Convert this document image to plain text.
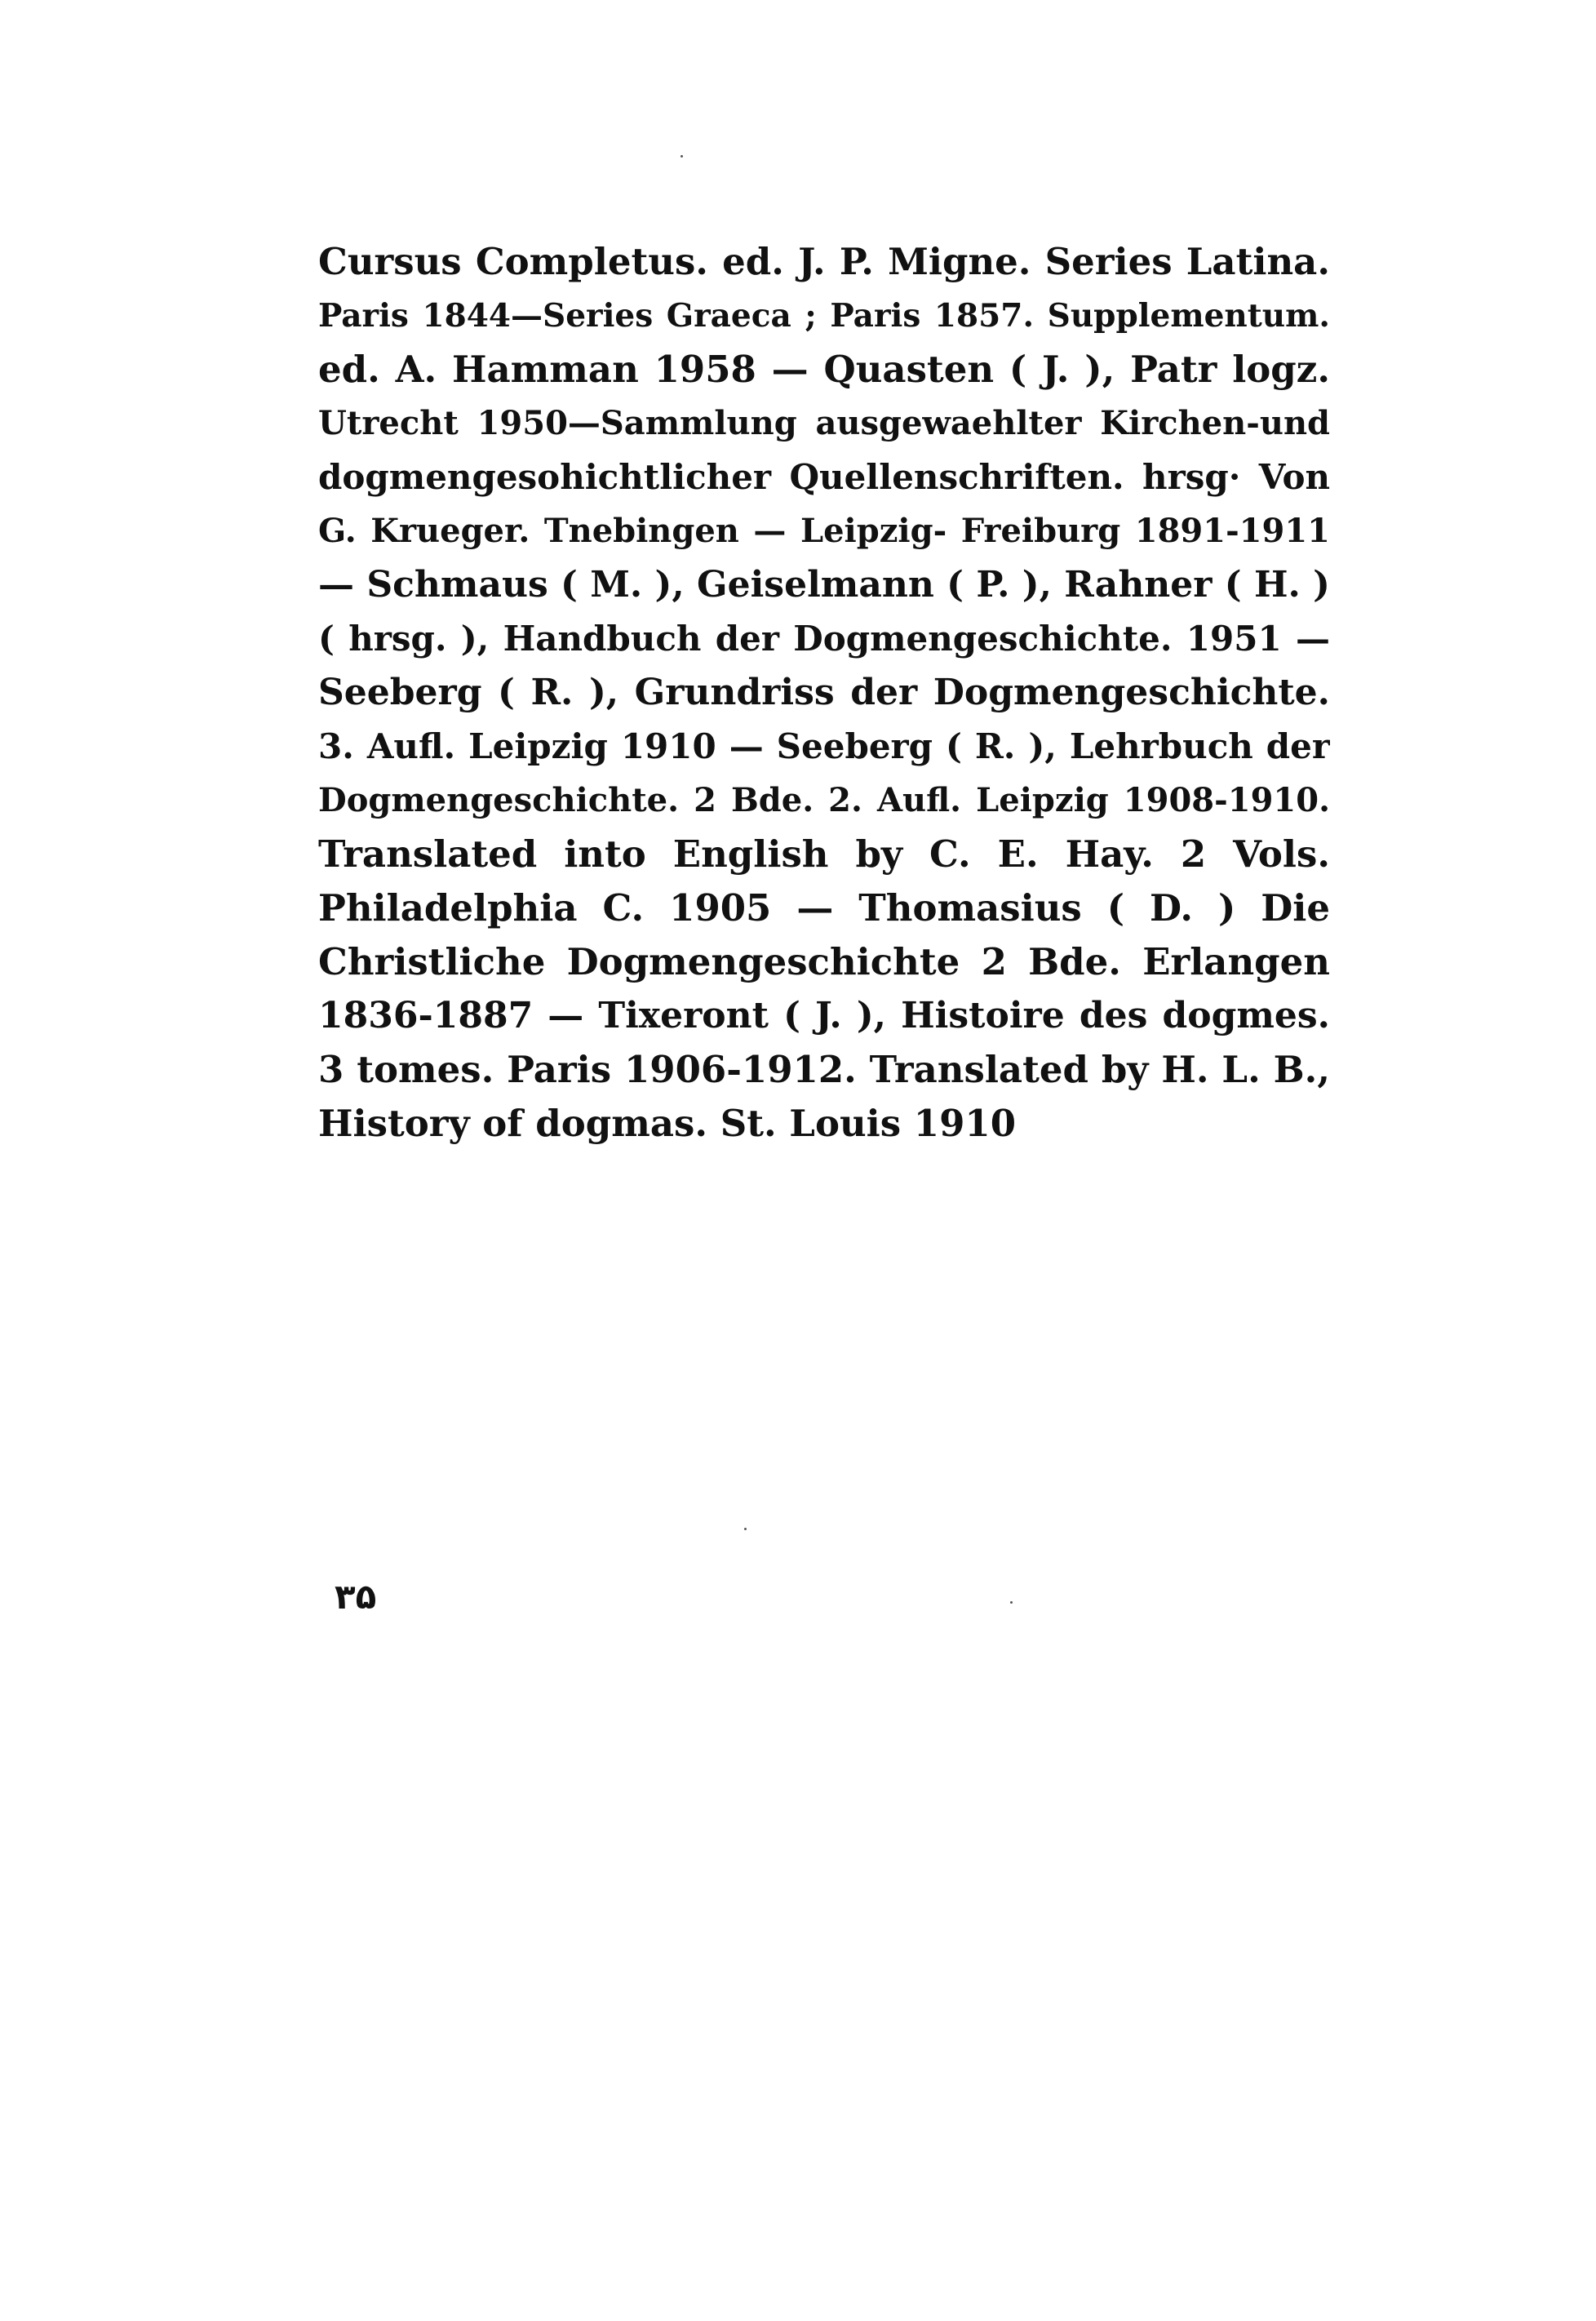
Cursus Completus. ed. J. P. Migne. Series Latina.
Paris 1844—Series Graeca ; Paris 1857. Supplementum.
ed. A. Hamman 1958 — Quasten ( J. ), Patr logz.
Utrecht 1950—Sammlung ausgewaehlter Kirchen-und
dogmengesohichtlicher Quellenschriften. hrsg· Von
G. Krueger. Tnebingen — Leipzig- Freiburg 1891-1911
— Schmaus ( M. ), Geiselmann ( P. ), Rahner ( H. )
( hrsg. ), Handbuch der Dogmengeschichte. 1951 —
Seeberg ( R. ), Grundriss der Dogmengeschichte.
3. Aufl. Leipzig 1910 — Seeberg ( R. ), Lehrbuch der
Dogmengeschichte. 2 Bde. 2. Aufl. Leipzig 1908-1910.
Translated into English by C. E. Hay. 2 Vols.
Philadelphia C. 1905 — Thomasius ( D. ) Die
Christliche Dogmengeschichte 2 Bde. Erlangen
1836-1887 — Tixeront ( J. ), Histoire des dogmes.
3 tomes. Paris 1906-1912. Translated by H. L. B.,
History of dogmas. St. Louis 1910
۳۵
